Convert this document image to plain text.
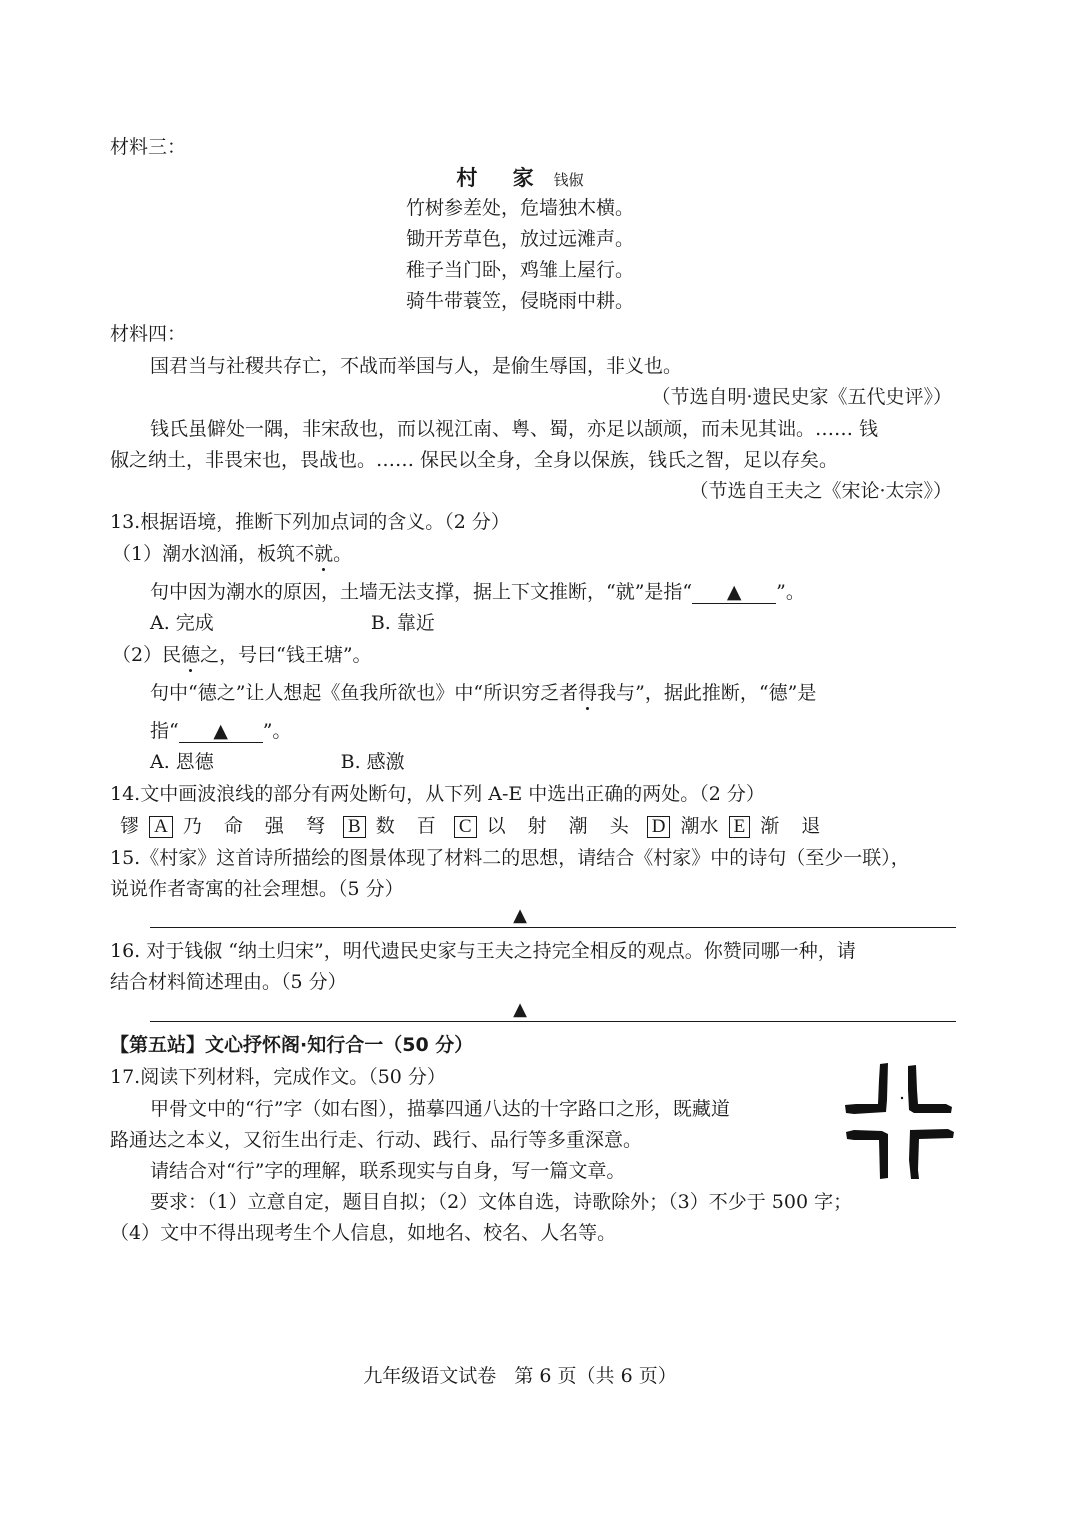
材料三：
村 家 钱俶
竹树参差处，危墙独木横。
锄开芳草色，放过远滩声。
稚子当门卧，鸡雏上屋行。
骑牛带蓑笠，侵晓雨中耕。
材料四：
国君当与社稷共存亡，不战而举国与人，是偷生辱国，非义也。
（节选自明·遗民史家《五代史评》）
钱氏虽僻处一隅，非宋敌也，而以视江南、粤、蜀，亦足以颉颃，而未见其诎。…… 钱
俶之纳土，非畏宋也，畏战也。…… 保民以全身，全身以保族，钱氏之智，足以存矣。
（节选自王夫之《宋论·太宗》）
13.根据语境，推断下列加点词的含义。（2 分）
（1）潮水汹涌，板筑不就。
句中因为潮水的原因，土墙无法支撑，据上下文推断，“就”是指“ ▲ ”。
A. 完成                          B. 靠近
（2）民德之，号曰“钱王塘”。
句中“德之”让人想起《鱼我所欲也》中“所识穷乏者得我与”，据此推断，“德”是
指“ ▲ ”。
A. 恩德                     B. 感激
14.文中画波浪线的部分有两处断句，从下列 A-E 中选出正确的两处。（2 分）
镠 A 乃 命 强 弩 B 数 百 C 以 射 潮 头 D 潮水 E 渐 退
15.《村家》这首诗所描绘的图景体现了材料二的思想，请结合《村家》中的诗句（至少一联），
说说作者寄寓的社会理想。（5 分）
▲
16. 对于钱俶 “纳土归宋”，明代遗民史家与王夫之持完全相反的观点。你赞同哪一种，请
结合材料简述理由。（5 分）
▲
【第五站】文心抒怀阁·知行合一（50 分）
17.阅读下列材料，完成作文。（50 分）
甲骨文中的“行”字（如右图），描摹四通八达的十字路口之形，既藏道
路通达之本义，又衍生出行走、行动、践行、品行等多重深意。
请结合对“行”字的理解，联系现实与自身，写一篇文章。
要求：（1）立意自定，题目自拟；（2）文体自选，诗歌除外；（3）不少于 500 字；
（4）文中不得出现考生个人信息，如地名、校名、人名等。
九年级语文试卷   第 6 页（共 6 页）
